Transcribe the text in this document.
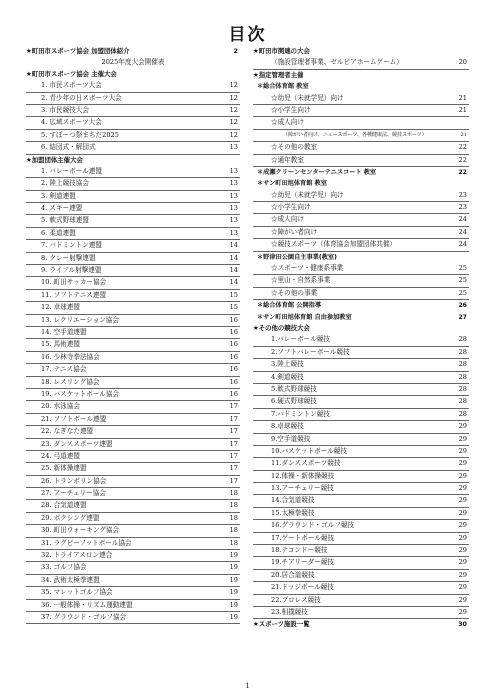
目次
★町田市スポーツ協会 加盟団体紹介	2
2025年度大会開催表
★町田市スポーツ協会 主催大会
1. 市民スポーツ大会	12
2. 青少年の日スポーツ大会	12
3. 市民競技大会	12
4. 広域スポーツ大会	12
5. すぽーつ祭まちだ2025	12
6. 結団式・解団式	13
★加盟団体主催大会
1. バレーボール連盟	13
2. 陸上競技協会	13
3. 剣道連盟	13
4. スキー連盟	13
5. 軟式野球連盟	13
6. 柔道連盟	13
7. バドミントン連盟	14
8. クレー射撃連盟	14
9. ライフル射撃連盟	14
10. 町田サッカー協会	14
11. ソフトテニス連盟	15
12. 卓球連盟	15
13. レクリエーション協会	16
14. 空手道連盟	16
15. 馬術連盟	16
16. 少林寺拳法協会	16
17. テニス協会	16
18. レスリング協会	16
19. バスケットボール協会	16
20. 水泳協会	17
21. ソフトボール連盟	17
22. なぎなた連盟	17
23. ダンススポーツ連盟	17
24. 弓道連盟	17
25. 新体操連盟	17
26. トランポリン協会	17
27. アーチェリー協会	18
28. 合気道連盟	18
29. ボクシング連盟	18
30. 町田ウォーキング協会	18
31. ラグビーフットボール協会	18
32. トライアスロン連合	19
33. ゴルフ協会	19
34. 武術太極拳連盟	19
35. マレットゴルフ協会	19
36. 一般体操・リズム運動連盟	19
37. グラウンド・ゴルフ協会	19
★町田市関連の大会
（施設管理者事業、ゼルビアホームゲーム）	20
★指定管理者主催
＊総合体育館 教室
☆幼児（未就学児）向け	21
☆小学生向け	21
☆成人向け
（障がい者向け、ニュースポーツ、各種健康法、競技スポーツ）	21
☆その他の教室	22
☆通年教室	22
＊成瀬クリーンセンターテニスコート 教室	22
＊サン町田旭体育館 教室
☆幼児（未就学児）向け	23
☆小学生向け	23
☆成人向け	24
☆障がい者向け	24
☆競技スポーツ（体育協会加盟団体共催）	24
＊野津田公園自主事業(教室)
☆スポーツ・健康系事業	25
☆里山・自然系事業	25
☆その他の事業	25
＊総合体育館 公開指導	26
＊サン町田旭体育館 自由参加教室	27
★その他の競技大会
1.バレーボール競技	28
2.ソフトバレーボール競技	28
3.陸上競技	28
4.剣道競技	28
5.軟式野球競技	28
6.硬式野球競技	28
7.バドミントン競技	28
8.卓球競技	29
9.空手道競技	29
10.バスケットボール競技	29
11.ダンススポーツ競技	29
12.体操・新体操競技	29
13.アーチェリー競技	29
14.合気道競技	29
15.太極拳競技	29
16.グラウンド・ゴルフ競技	29
17.ゲートボール競技	29
18.テコンドー競技	29
19.チアリーダー競技	29
20.居合道競技	29
21.ドッジボール競技	29
22.プロレス競技	29
23.相撲競技	29
★スポーツ施設一覧	30
1
